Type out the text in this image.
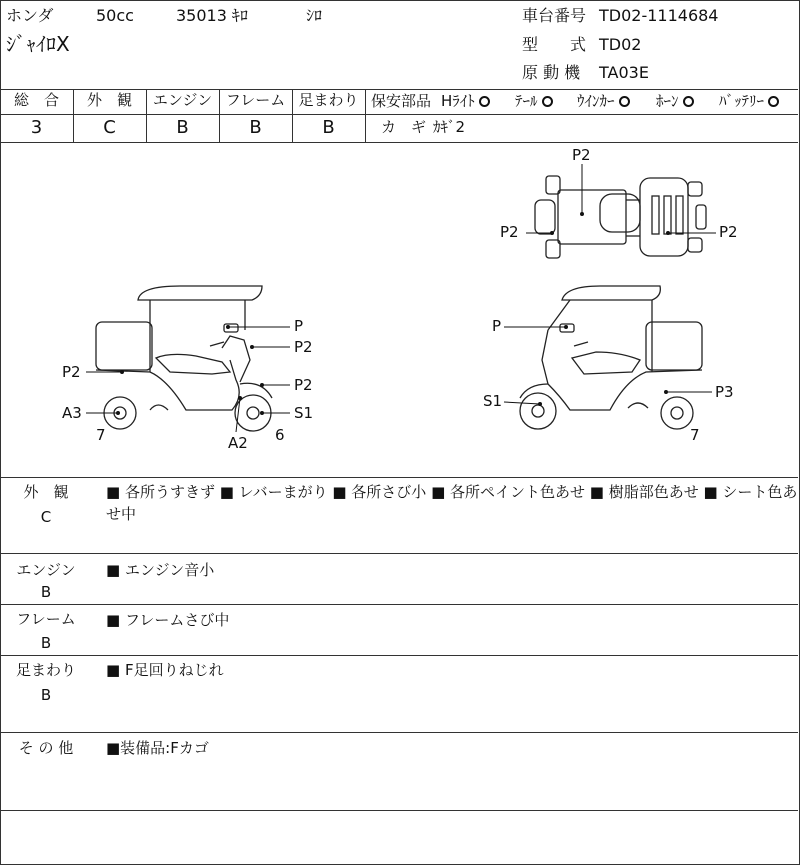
ホンダ	50cc	35013 ｷﾛ	ｼﾛ
ｼﾞｬｲﾛX
車台番号 TD02-1114684
型　　式 TD02
原 動 機 TA03E
総　合	外　観	エンジン フレーム 足まわり
3	C	B	B	B
保安部品 Hﾗｲﾄ	ﾃｰﾙ	ｳｲﾝｶｰ	ﾎｰﾝ	ﾊﾞｯﾃﾘｰ
カ　ギ ｶｷﾞ2
P2
P2	P2
P
P2
P2
P2
S1
A3
A2
7	6
P
S1	P3
7
外　観
C
■ 各所うすきず ■ レバーまがり ■ 各所さび小 ■ 各所ペイント色あせ ■ 樹脂部色あせ ■ シート色あ
せ中
エンジン
B
■ エンジン音小
フレーム
B
■ フレームさび中
足まわり
B
■ F足回りねじれ
そ の 他	■装備品:Fカゴ
